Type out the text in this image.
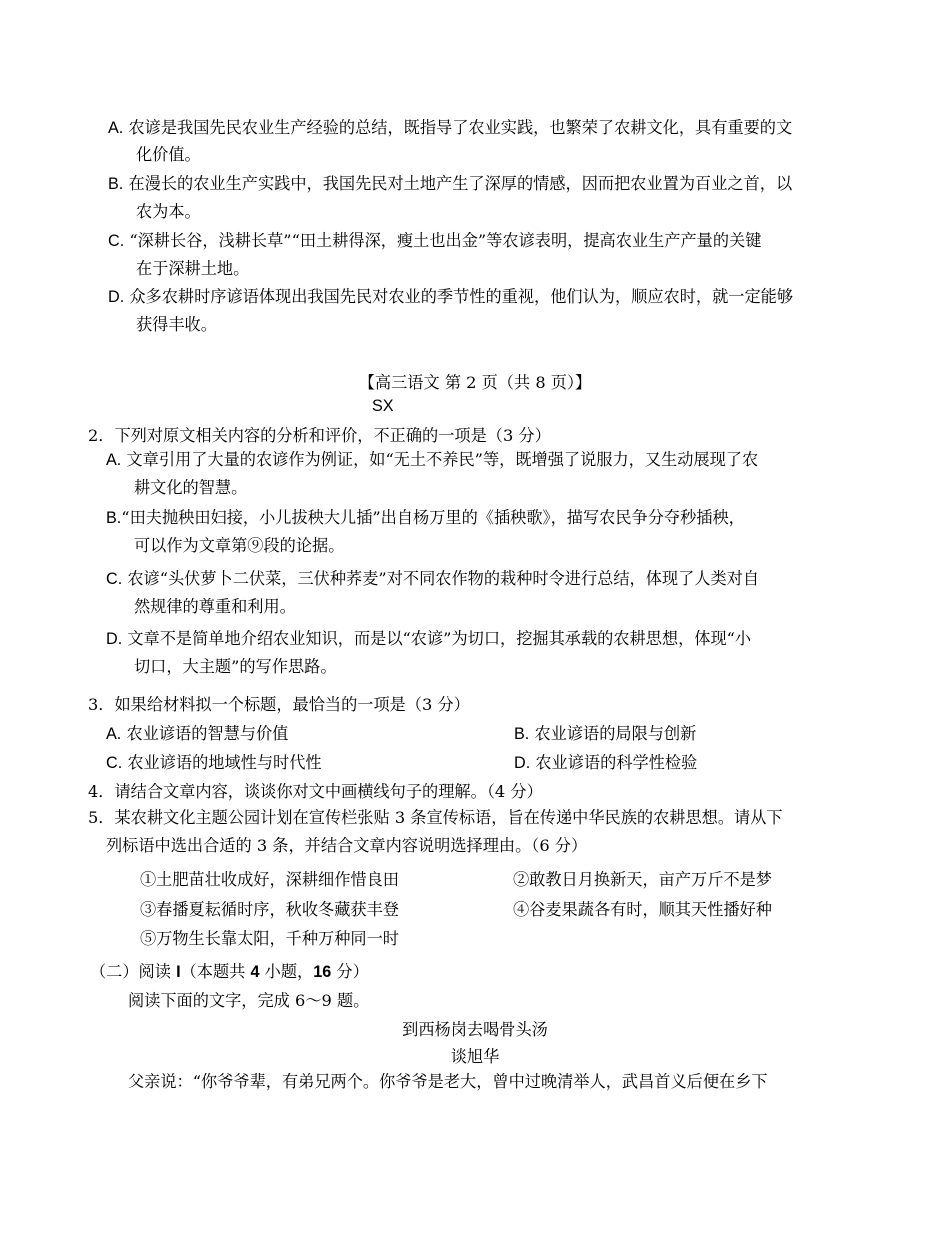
A. 农谚是我国先民农业生产经验的总结，既指导了农业实践，也繁荣了农耕文化，具有重要的文
化价值。
B. 在漫长的农业生产实践中，我国先民对土地产生了深厚的情感，因而把农业置为百业之首，以
农为本。
C. “深耕长谷，浅耕长草”“田土耕得深，瘦土也出金”等农谚表明，提高农业生产产量的关键
在于深耕土地。
D. 众多农耕时序谚语体现出我国先民对农业的季节性的重视，他们认为，顺应农时，就一定能够
获得丰收。
【高三语文 第 2 页（共 8 页）】
SX
2．下列对原文相关内容的分析和评价，不正确的一项是（3 分）
A. 文章引用了大量的农谚作为例证，如“无土不养民”等，既增强了说服力，又生动展现了农
耕文化的智慧。
B.“田夫抛秧田妇接，小儿拔秧大儿插”出自杨万里的《插秧歌》，描写农民争分夺秒插秧，
可以作为文章第⑨段的论据。
C. 农谚“头伏萝卜二伏菜，三伏种荞麦”对不同农作物的栽种时令进行总结，体现了人类对自
然规律的尊重和利用。
D. 文章不是简单地介绍农业知识，而是以“农谚”为切口，挖掘其承载的农耕思想，体现“小
切口，大主题”的写作思路。
3．如果给材料拟一个标题，最恰当的一项是（3 分）
A. 农业谚语的智慧与价值	B. 农业谚语的局限与创新
C. 农业谚语的地域性与时代性	D. 农业谚语的科学性检验
4．请结合文章内容，谈谈你对文中画横线句子的理解。（4 分）
5．某农耕文化主题公园计划在宣传栏张贴 3 条宣传标语，旨在传递中华民族的农耕思想。请从下
列标语中选出合适的 3 条，并结合文章内容说明选择理由。（6 分）
①土肥苗壮收成好，深耕细作惜良田	②敢教日月换新天，亩产万斤不是梦
③春播夏耘循时序，秋收冬藏获丰登	④谷麦果蔬各有时，顺其天性播好种
⑤万物生长靠太阳，千种万种同一时
（二）阅读 I（本题共 4 小题，16 分）
阅读下面的文字，完成 6～9 题。
到西杨岗去喝骨头汤
谈旭华
父亲说：“你爷爷辈，有弟兄两个。你爷爷是老大，曾中过晚清举人，武昌首义后便在乡下
